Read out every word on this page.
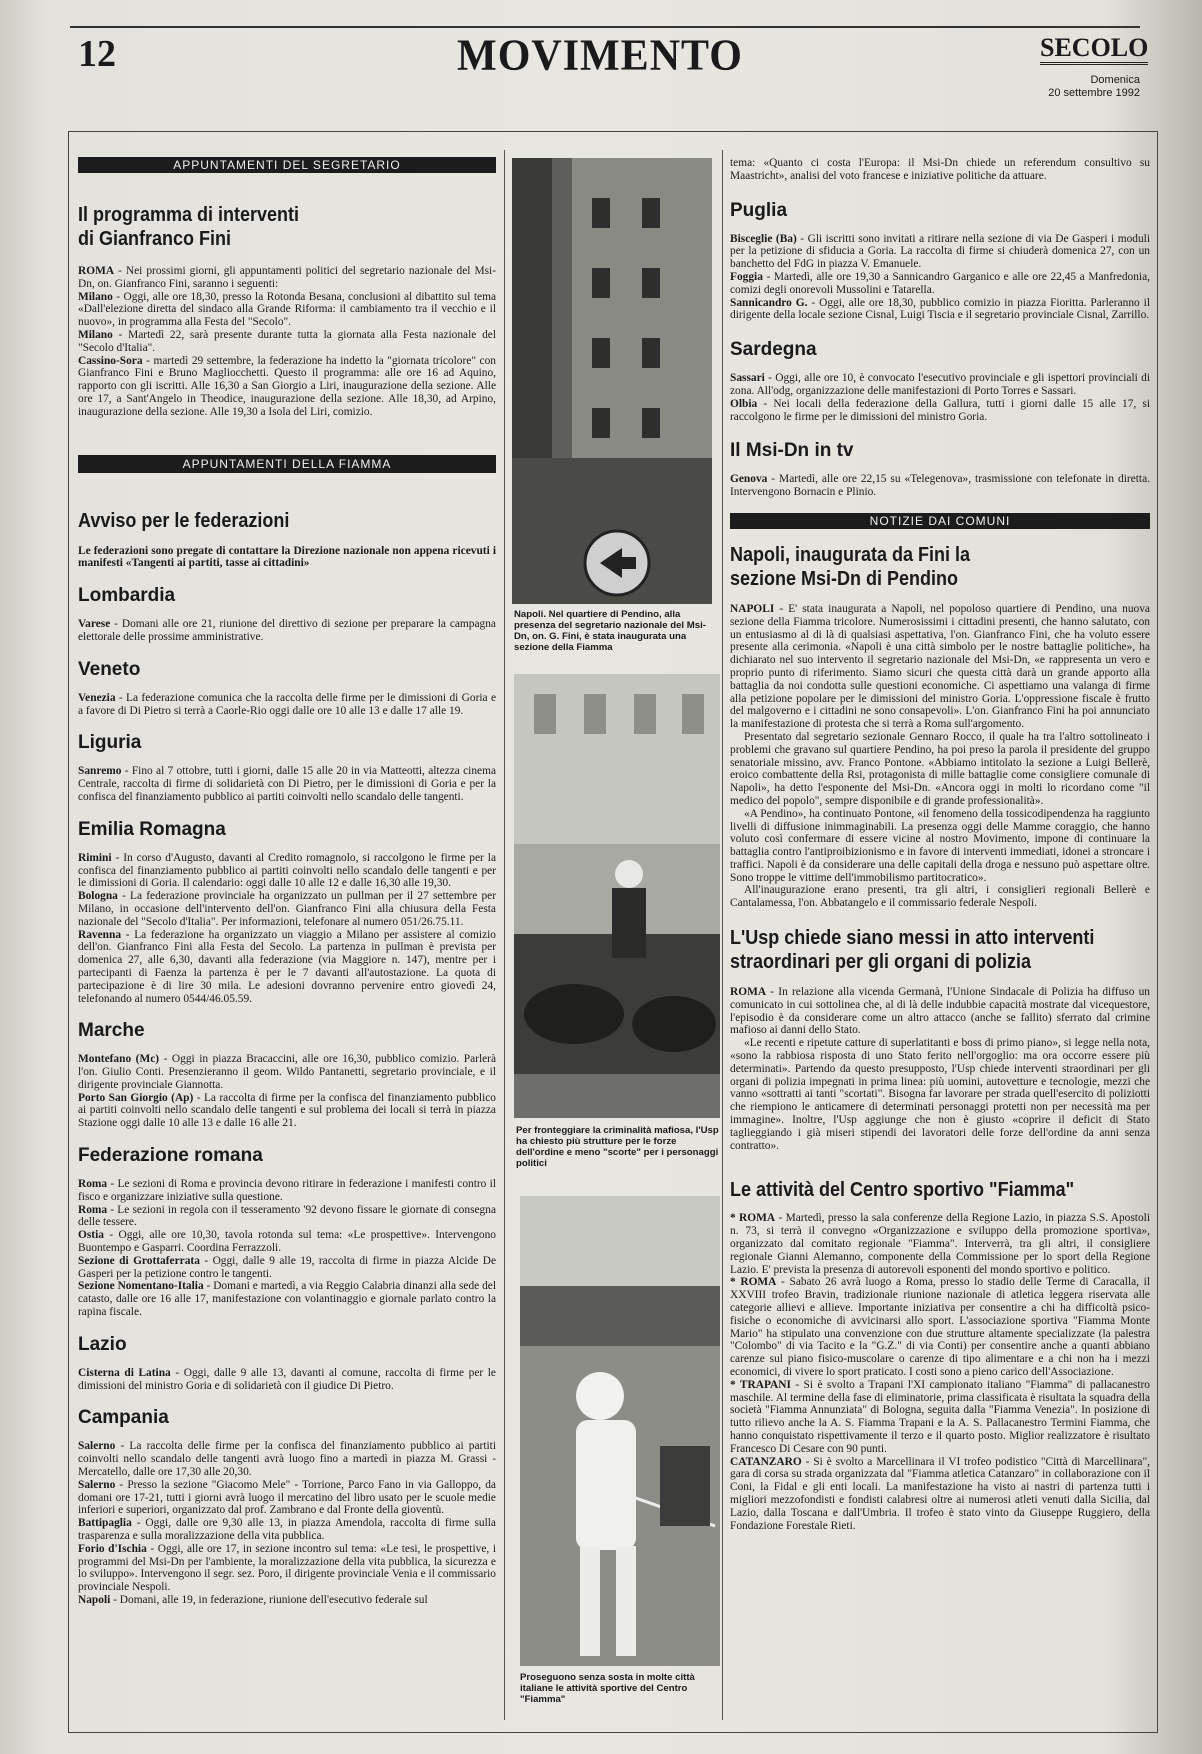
12	MOVIMENTO	SECOLO
Domenica
20 settembre 1992
APPUNTAMENTI DEL SEGRETARIO
Il programma di interventi di Gianfranco Fini

ROMA - Nei prossimi giorni, gli appuntamenti politici del segretario nazionale del Msi-Dn, on. Gianfranco Fini, saranno i seguenti:

Milano - Oggi, alle ore 18,30, presso la Rotonda Besana, conclusioni al dibattito sul tema «Dall'elezione diretta del sindaco alla Grande Riforma: il cambiamento tra il vecchio e il nuovo», in programma alla Festa del "Secolo".

Milano - Martedì 22, sarà presente durante tutta la giornata alla Festa nazionale del "Secolo d'Italia".

Cassino-Sora - martedì 29 settembre, la federazione ha indetto la "giornata tricolore" con Gianfranco Fini e Bruno Magliocchetti. Questo il programma: alle ore 16 ad Aquino, rapporto con gli iscritti. Alle 16,30 a San Giorgio a Liri, inaugurazione della sezione. Alle ore 17, a Sant'Angelo in Theodice, inaugurazione della sezione. Alle 18,30, ad Arpino, inaugurazione della sezione. Alle 19,30 a Isola del Liri, comizio.

APPUNTAMENTI DELLA FIAMMA
Avviso per le federazioni

Le federazioni sono pregate di contattare la Direzione nazionale non appena ricevuti i manifesti «Tangenti ai partiti, tasse ai cittadini»

Lombardia

Varese - Domani alle ore 21, riunione del direttivo di sezione per preparare la campagna elettorale delle prossime amministrative.

Veneto

Venezia - La federazione comunica che la raccolta delle firme per le dimissioni di Goria e a favore di Di Pietro si terrà a Caorle-Rio oggi dalle ore 10 alle 13 e dalle 17 alle 19.

Liguria

Sanremo - Fino al 7 ottobre, tutti i giorni, dalle 15 alle 20 in via Matteotti, altezza cinema Centrale, raccolta di firme di solidarietà con Di Pietro, per le dimissioni di Goria e per la confisca del finanziamento pubblico ai partiti coinvolti nello scandalo delle tangenti.

Emilia Romagna

Rimini - In corso d'Augusto, davanti al Credito romagnolo, si raccolgono le firme per la confisca del finanziamento pubblico ai partiti coinvolti nello scandalo delle tangenti e per le dimissioni di Goria. Il calendario: oggi dalle 10 alle 12 e dalle 16,30 alle 19,30.

Bologna - La federazione provinciale ha organizzato un pullman per il 27 settembre per Milano, in occasione dell'intervento dell'on. Gianfranco Fini alla chiusura della Festa nazionale del "Secolo d'Italia". Per informazioni, telefonare al numero 051/26.75.11.

Ravenna - La federazione ha organizzato un viaggio a Milano per assistere al comizio dell'on. Gianfranco Fini alla Festa del Secolo. La partenza in pullman è prevista per domenica 27, alle 6,30, davanti alla federazione (via Maggiore n. 147), mentre per i partecipanti di Faenza la partenza è per le 7 davanti all'autostazione. La quota di partecipazione è di lire 30 mila. Le adesioni dovranno pervenire entro giovedì 24, telefonando al numero 0544/46.05.59.

Marche

Montefano (Mc) - Oggi in piazza Bracaccini, alle ore 16,30, pubblico comizio. Parlerà l'on. Giulio Conti. Presenzieranno il geom. Wildo Pantanetti, segretario provinciale, e il dirigente provinciale Giannotta.

Porto San Giorgio (Ap) - La raccolta di firme per la confisca del finanziamento pubblico ai partiti coinvolti nello scandalo delle tangenti e sul problema dei locali si terrà in piazza Stazione oggi dalle 10 alle 13 e dalle 16 alle 21.

Federazione romana

Roma - Le sezioni di Roma e provincia devono ritirare in federazione i manifesti contro il fisco e organizzare iniziative sulla questione.

Roma - Le sezioni in regola con il tesseramento '92 devono fissare le giornate di consegna delle tessere.

Ostia - Oggi, alle ore 10,30, tavola rotonda sul tema: «Le prospettive». Intervengono Buontempo e Gasparri. Coordina Ferrazzoli.

Sezione di Grottaferrata - Oggi, dalle 9 alle 19, raccolta di firme in piazza Alcide De Gasperi per la petizione contro le tangenti.

Sezione Nomentano-Italia - Domani e martedì, a via Reggio Calabria dinanzi alla sede del catasto, dalle ore 16 alle 17, manifestazione con volantinaggio e giornale parlato contro la rapina fiscale.

Lazio

Cisterna di Latina - Oggi, dalle 9 alle 13, davanti al comune, raccolta di firme per le dimissioni del ministro Goria e di solidarietà con il giudice Di Pietro.

Campania

Salerno - La raccolta delle firme per la confisca del finanziamento pubblico ai partiti coinvolti nello scandalo delle tangenti avrà luogo fino a martedì in piazza M. Grassi - Mercatello, dalle ore 17,30 alle 20,30.

Salerno - Presso la sezione "Giacomo Mele" - Torrione, Parco Fano in via Galloppo, da domani ore 17-21, tutti i giorni avrà luogo il mercatino del libro usato per le scuole medie inferiori e superiori, organizzato dal prof. Zambrano e dal Fronte della gioventù.

Battipaglia - Oggi, dalle ore 9,30 alle 13, in piazza Amendola, raccolta di firme sulla trasparenza e sulla moralizzazione della vita pubblica.

Forio d'Ischia - Oggi, alle ore 17, in sezione incontro sul tema: «Le tesi, le prospettive, i programmi del Msi-Dn per l'ambiente, la moralizzazione della vita pubblica, la sicurezza e lo sviluppo». Intervengono il segr. sez. Poro, il dirigente provinciale Venia e il commissario provinciale Nespoli.

Napoli - Domani, alle 19, in federazione, riunione dell'esecutivo federale sul

Napoli. Nel quartiere di Pendino, alla presenza del segretario nazionale del Msi-Dn, on. G. Fini, è stata inaugurata una sezione della Fiamma
Per fronteggiare la criminalità mafiosa, l'Usp ha chiesto più strutture per le forze dell'ordine e meno "scorte" per i personaggi politici
Proseguono senza sosta in molte città italiane le attività sportive del Centro "Fiamma"

tema: «Quanto ci costa l'Europa: il Msi-Dn chiede un referendum consultivo su Maastricht», analisi del voto francese e iniziative politiche da attuare.

Puglia

Bisceglie (Ba) - Gli iscritti sono invitati a ritirare nella sezione di via De Gasperi i moduli per la petizione di sfiducia a Goria. La raccolta di firme si chiuderà domenica 27, con un banchetto del FdG in piazza V. Emanuele.

Foggia - Martedì, alle ore 19,30 a Sannicandro Garganico e alle ore 22,45 a Manfredonia, comizi degli onorevoli Mussolini e Tatarella.

Sannicandro G. - Oggi, alle ore 18,30, pubblico comizio in piazza Fioritta. Parleranno il dirigente della locale sezione Cisnal, Luigi Tiscia e il segretario provinciale Cisnal, Zarrillo.

Sardegna

Sassari - Oggi, alle ore 10, è convocato l'esecutivo provinciale e gli ispettori provinciali di zona. All'odg, organizzazione delle manifestazioni di Porto Torres e Sassari.

Olbia - Nei locali della federazione della Gallura, tutti i giorni dalle 15 alle 17, si raccolgono le firme per le dimissioni del ministro Goria.

Il Msi-Dn in tv

Genova - Martedì, alle ore 22,15 su «Telegenova», trasmissione con telefonate in diretta. Intervengono Bornacin e Plinio.

NOTIZIE DAI COMUNI
Napoli, inaugurata da Fini la sezione Msi-Dn di Pendino

NAPOLI - E' stata inaugurata a Napoli, nel popoloso quartiere di Pendino, una nuova sezione della Fiamma tricolore. Numerosissimi i cittadini presenti, che hanno salutato, con un entusiasmo al di là di qualsiasi aspettativa, l'on. Gianfranco Fini, che ha voluto essere presente alla cerimonia. «Napoli è una città simbolo per le nostre battaglie politiche», ha dichiarato nel suo intervento il segretario nazionale del Msi-Dn, «e rappresenta un vero e proprio punto di riferimento. Siamo sicuri che questa città darà un grande apporto alla battaglia da noi condotta sulle questioni economiche. Ci aspettiamo una valanga di firme alla petizione popolare per le dimissioni del ministro Goria. L'oppressione fiscale è frutto del malgoverno e i cittadini ne sono consapevoli». L'on. Gianfranco Fini ha poi annunciato la manifestazione di protesta che si terrà a Roma sull'argomento.

Presentato dal segretario sezionale Gennaro Rocco, il quale ha tra l'altro sottolineato i problemi che gravano sul quartiere Pendino, ha poi preso la parola il presidente del gruppo senatoriale missino, avv. Franco Pontone. «Abbiamo intitolato la sezione a Luigi Bellerè, eroico combattente della Rsi, protagonista di mille battaglie come consigliere comunale di Napoli», ha detto l'esponente del Msi-Dn. «Ancora oggi in molti lo ricordano come "il medico del popolo", sempre disponibile e di grande professionalità».

«A Pendino», ha continuato Pontone, «il fenomeno della tossicodipendenza ha raggiunto livelli di diffusione inimmaginabili. La presenza oggi delle Mamme coraggio, che hanno voluto così confermare di essere vicine al nostro Movimento, impone di continuare la battaglia contro l'antiproibizionismo e in favore di interventi immediati, idonei a stroncare i traffici. Napoli è da considerare una delle capitali della droga e nessuno può aspettare oltre. Sono troppe le vittime dell'immobilismo partitocratico».

All'inaugurazione erano presenti, tra gli altri, i consiglieri regionali Bellerè e Cantalamessa, l'on. Abbatangelo e il commissario federale Nespoli.

L'Usp chiede siano messi in atto interventi straordinari per gli organi di polizia

ROMA - In relazione alla vicenda Germanà, l'Unione Sindacale di Polizia ha diffuso un comunicato in cui sottolinea che, al di là delle indubbie capacità mostrate dal vicequestore, l'episodio è da considerare come un altro attacco (anche se fallito) sferrato dal crimine mafioso ai danni dello Stato.

«Le recenti e ripetute catture di superlatitanti e boss di primo piano», si legge nella nota, «sono la rabbiosa risposta di uno Stato ferito nell'orgoglio: ma ora occorre essere più determinati». Partendo da questo presupposto, l'Usp chiede interventi straordinari per gli organi di polizia impegnati in prima linea: più uomini, autovetture e tecnologie, mezzi che vanno «sottratti ai tanti "scortati". Bisogna far lavorare per strada quell'esercito di poliziotti che riempiono le anticamere di determinati personaggi protetti non per necessità ma per immagine». Inoltre, l'Usp aggiunge che non è giusto «coprire il deficit di Stato taglieggiando i già miseri stipendi dei lavoratori delle forze dell'ordine da anni senza contratto».

Le attività del Centro sportivo "Fiamma"

* ROMA - Martedì, presso la sala conferenze della Regione Lazio, in piazza S.S. Apostoli n. 73, si terrà il convegno «Organizzazione e sviluppo della promozione sportiva», organizzato dal comitato regionale "Fiamma". Interverrà, tra gli altri, il consigliere regionale Gianni Alemanno, componente della Commissione per lo sport della Regione Lazio. E' prevista la presenza di autorevoli esponenti del mondo sportivo e politico.

* ROMA - Sabato 26 avrà luogo a Roma, presso lo stadio delle Terme di Caracalla, il XXVIII trofeo Bravin, tradizionale riunione nazionale di atletica leggera riservata alle categorie allievi e allieve. Importante iniziativa per consentire a chi ha difficoltà psico-fisiche o economiche di avvicinarsi allo sport. L'associazione sportiva "Fiamma Monte Mario" ha stipulato una convenzione con due strutture altamente specializzate (la palestra "Colombo" di via Tacito e la "G.Z." di via Conti) per consentire anche a quanti abbiano carenze sul piano fisico-muscolare o carenze di tipo alimentare e a chi non ha i mezzi economici, di vivere lo sport praticato. I costi sono a pieno carico dell'Associazione.

* TRAPANI - Si è svolto a Trapani l'XI campionato italiano "Fiamma" di pallacanestro maschile. Al termine della fase di eliminatorie, prima classificata è risultata la squadra della società "Fiamma Annunziata" di Bologna, seguita dalla "Fiamma Venezia". In posizione di tutto rilievo anche la A. S. Fiamma Trapani e la A. S. Pallacanestro Termini Fiamma, che hanno conquistato rispettivamente il terzo e il quarto posto. Miglior realizzatore è risultato Francesco Di Cesare con 90 punti.

CATANZARO - Si è svolto a Marcellinara il VI trofeo podistico "Città di Marcellinara", gara di corsa su strada organizzata dal "Fiamma atletica Catanzaro" in collaborazione con il Coni, la Fidal e gli enti locali. La manifestazione ha visto ai nastri di partenza tutti i migliori mezzofondisti e fondisti calabresi oltre ai numerosi atleti venuti dalla Sicilia, dal Lazio, dalla Toscana e dall'Umbria. Il trofeo è stato vinto da Giuseppe Ruggiero, della Fondazione Forestale Rieti.
